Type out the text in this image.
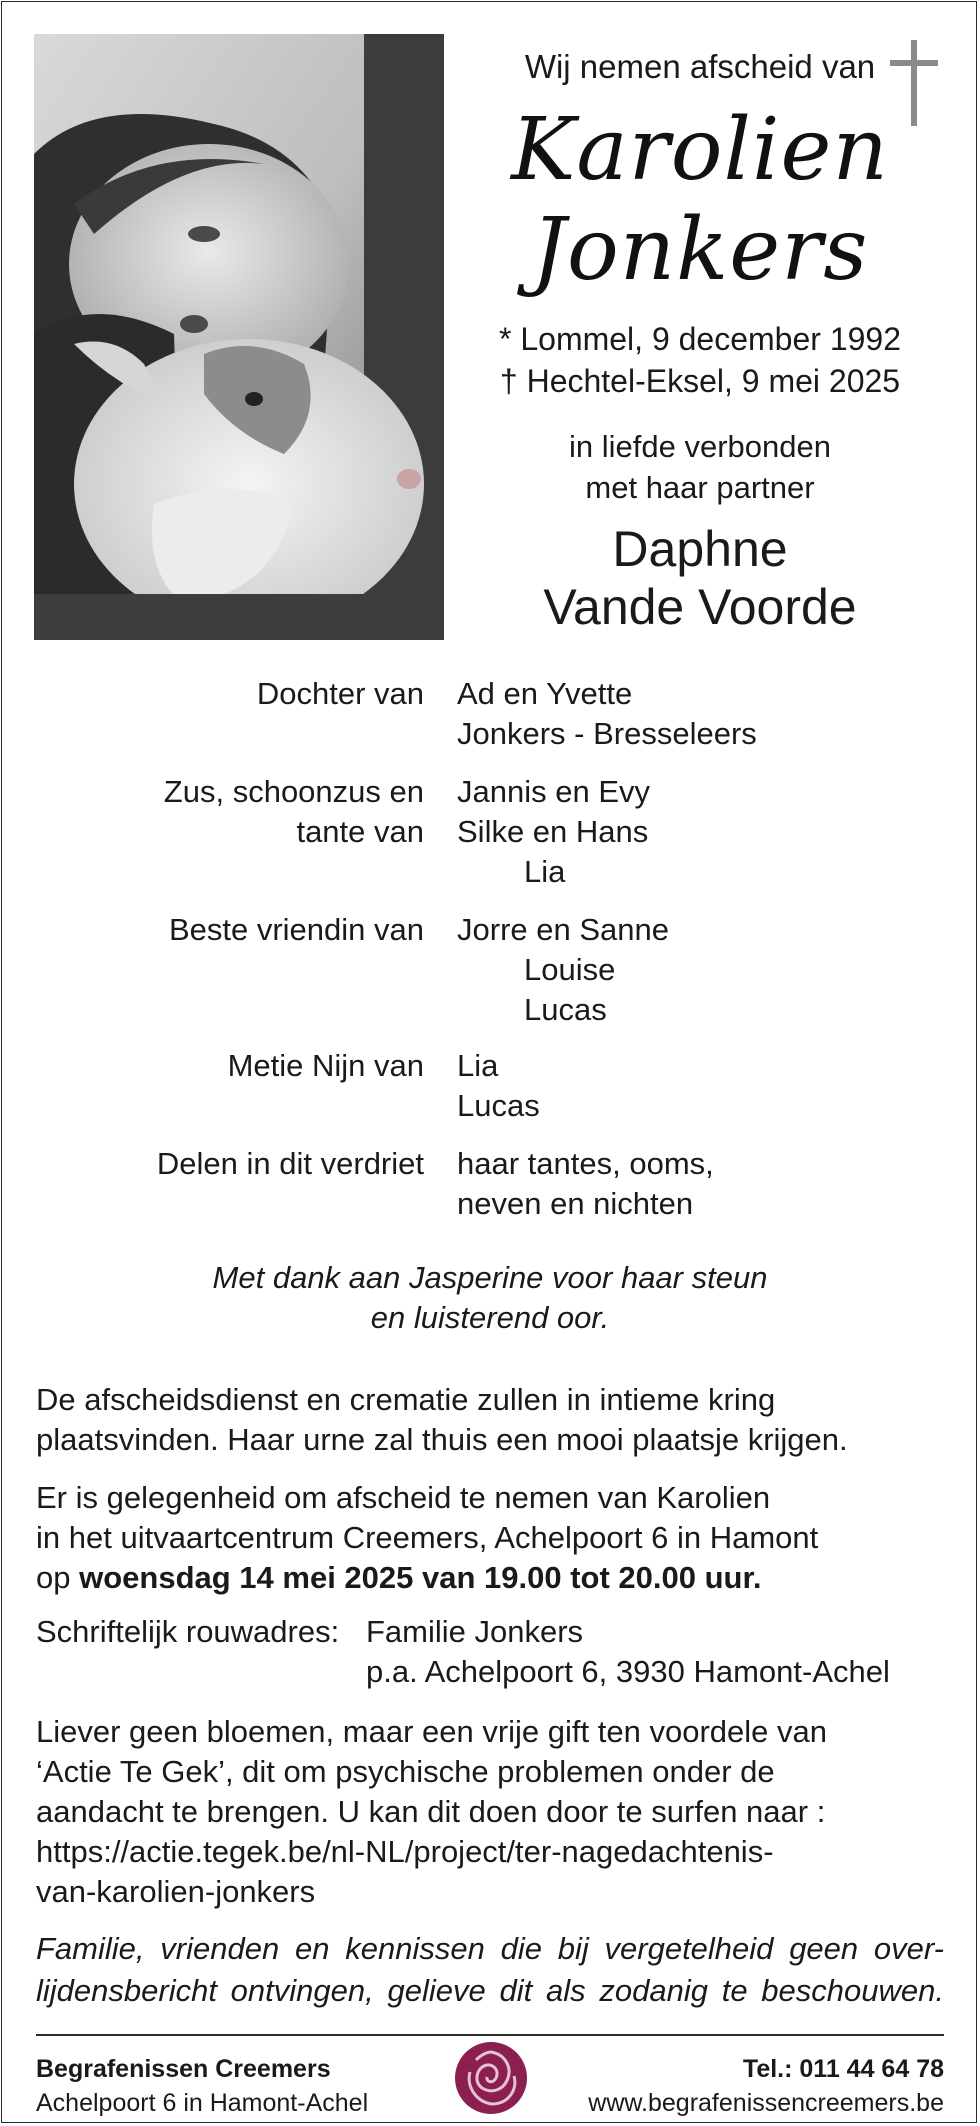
Wij nemen afscheid van
Karolien
Jonkers
* Lommel, 9 december 1992
† Hechtel-Eksel, 9 mei 2025
in liefde verbonden
met haar partner
Daphne
Vande Voorde
Dochter van Ad en Yvette
Jonkers - Bresseleers
Zus, schoonzus en
tante van
Jannis en Evy
Silke en Hans
Lia
Beste vriendin van Jorre en Sanne
Louise
Lucas
Metie Nijn van Lia
Lucas
Delen in dit verdriet haar tantes, ooms,
neven en nichten
Met dank aan Jasperine voor haar steun
en luisterend oor.
De afscheidsdienst en crematie zullen in intieme kring
plaatsvinden. Haar urne zal thuis een mooi plaatsje krijgen.
Er is gelegenheid om afscheid te nemen van Karolien
in het uitvaartcentrum Creemers, Achelpoort 6 in Hamont
op woensdag 14 mei 2025 van 19.00 tot 20.00 uur.
Schriftelijk rouwadres: Familie Jonkers
p.a. Achelpoort 6, 3930 Hamont-Achel
Liever geen bloemen, maar een vrije gift ten voordele van
‘Actie Te Gek’, dit om psychische problemen onder de
aandacht te brengen. U kan dit doen door te surfen naar :
https://actie.tegek.be/nl-NL/project/ter-nagedachtenis-
van-karolien-jonkers
Familie, vrienden en kennissen die bij vergetelheid geen over-
lijdensbericht ontvingen, gelieve dit als zodanig te beschouwen.
Begrafenissen Creemers
Achelpoort 6 in Hamont-Achel
Tel.: 011 44 64 78
www.begrafenissencreemers.be
